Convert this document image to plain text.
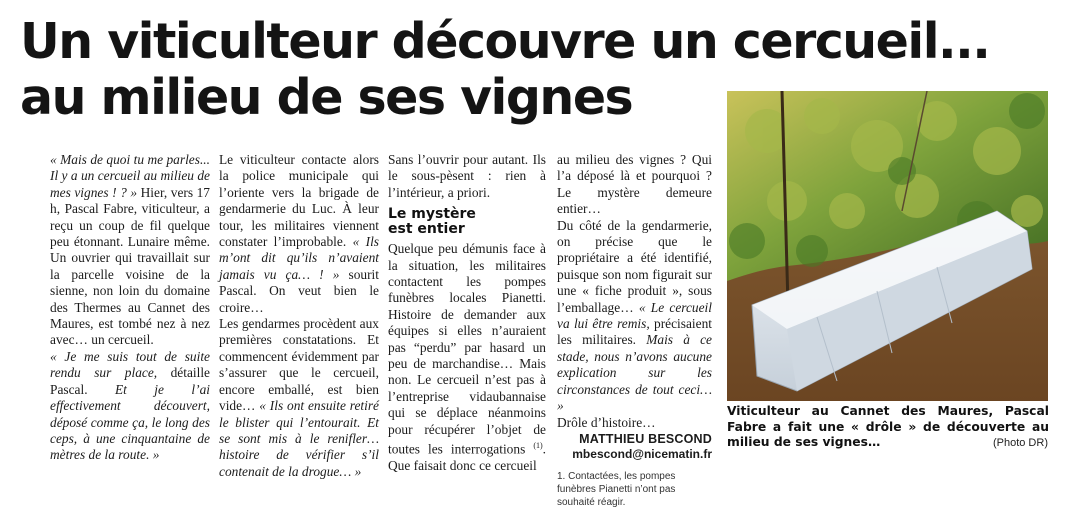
Un viticulteur découvre un cercueil...
au milieu de ses vignes

« Mais de quoi tu me parles... Il y a un cercueil au milieu de mes vignes ! ? » Hier, vers 17 h, Pascal Fabre, viticulteur, a reçu un coup de fil quelque peu étonnant. Lunaire même. Un ouvrier qui travaillait sur la parcelle voisine de la sienne, non loin du domaine des Thermes au Cannet des Maures, est tombé nez à nez avec… un cercueil.

« Je me suis tout de suite rendu sur place, détaille Pascal. Et je l’ai effectivement découvert, déposé comme ça, le long des ceps, à une cinquantaine de mètres de la route. »

Le viticulteur contacte alors la police municipale qui l’oriente vers la brigade de gendarmerie du Luc. À leur tour, les militaires viennent constater l’improbable. « Ils m’ont dit qu’ils n’avaient jamais vu ça… ! » sourit Pascal. On veut bien le croire…

Les gendarmes procèdent aux premières constatations. Et commencent évidemment par s’assurer que le cercueil, encore emballé, est bien vide… « Ils ont ensuite retiré le blister qui l’entourait. Et se sont mis à le renifler… histoire de vérifier s’il contenait de la drogue… »

Sans l’ouvrir pour autant. Ils le sous-pèsent : rien à l’intérieur, a priori.

Le mystère
est entier

Quelque peu démunis face à la situation, les militaires contactent les pompes funèbres locales Pianetti. Histoire de demander aux équipes si elles n’auraient pas “perdu” par hasard un peu de marchandise… Mais non. Le cercueil n’est pas à l’entreprise vidaubannaise qui se déplace néanmoins pour récupérer l’objet de toutes les interrogations $^{(1)}$. Que faisait donc ce cercueil

au milieu des vignes ? Qui l’a déposé là et pourquoi ? Le mystère demeure entier…

Du côté de la gendarmerie, on précise que le propriétaire a été identifié, puisque son nom figurait sur une « fiche produit », sous l’emballage… « Le cercueil va lui être remis, précisaient les militaires. Mais à ce stade, nous n’avons aucune explication sur les circonstances de tout ceci… »

Drôle d’histoire…

MATTHIEU BESCOND
mbescond@nicematin.fr
1. Contactées, les pompes funèbres Pianetti n’ont pas souhaité réagir.
Viticulteur au Cannet des Maures, Pascal Fabre a fait une « drôle » de découverte au milieu de ses vignes…	(Photo DR)
